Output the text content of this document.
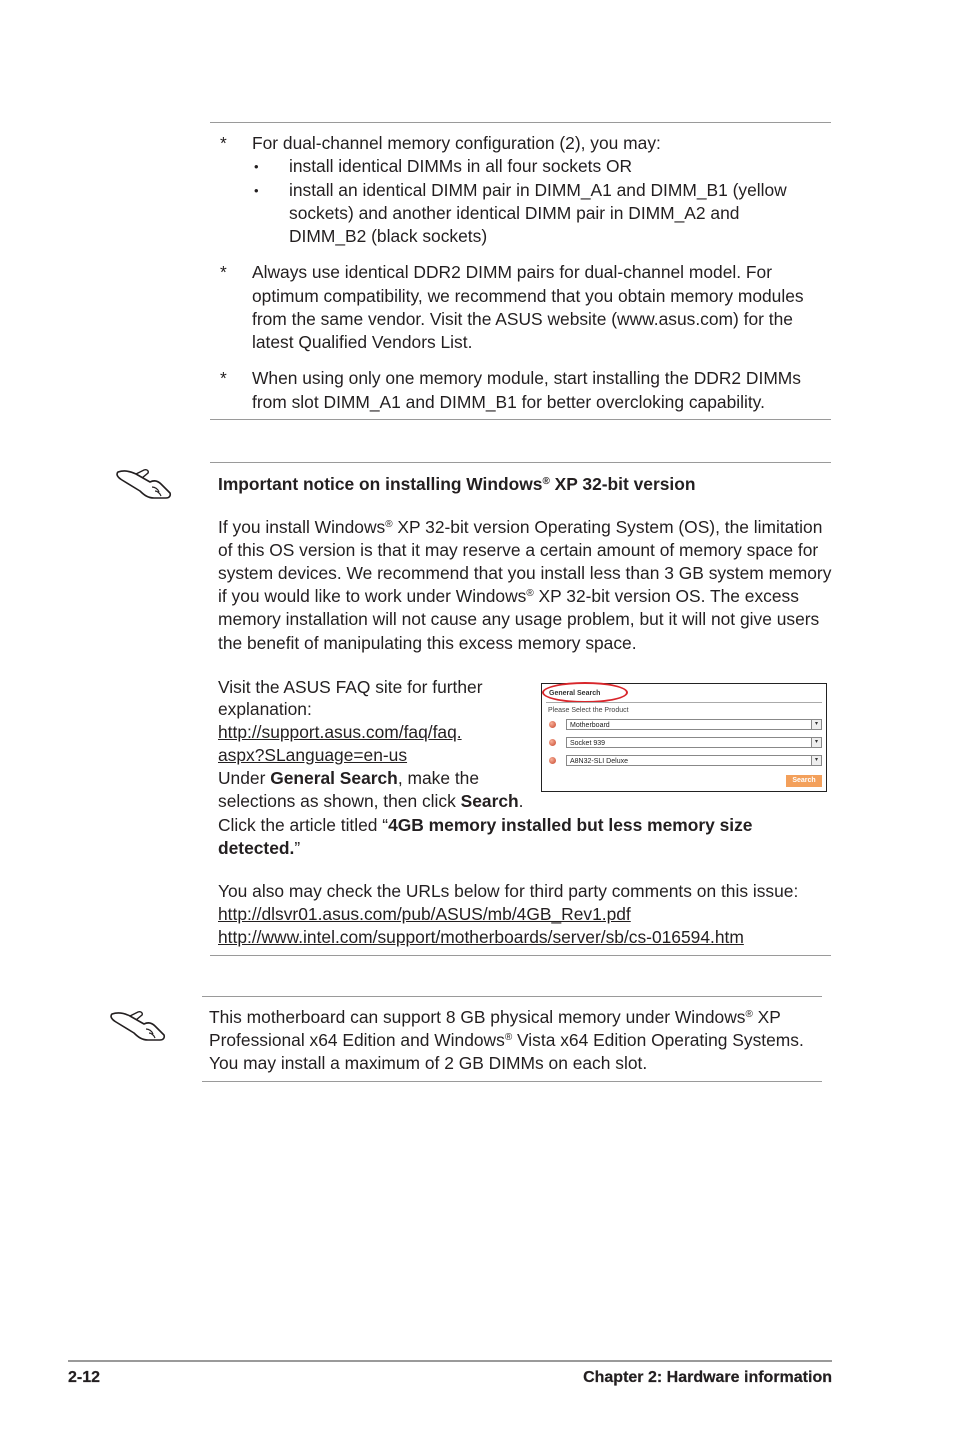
* For dual-channel memory configuration (2), you may:
• install identical DIMMs in all four sockets OR
• install an identical DIMM pair in DIMM_A1 and DIMM_B1 (yellow
sockets) and another identical DIMM pair in DIMM_A2 and
DIMM_B2 (black sockets)
* Always use identical DDR2 DIMM pairs for dual-channel model. For
optimum compatibility, we recommend that you obtain memory modules
from the same vendor. Visit the ASUS website (www.asus.com) for the
latest Qualified Vendors List.
* When using only one memory module, start installing the DDR2 DIMMs
from slot DIMM_A1 and DIMM_B1 for better overcloking capability.
Important notice on installing Windows® XP 32-bit version
If you install Windows® XP 32-bit version Operating System (OS), the limitation
of this OS version is that it may reserve a certain amount of memory space for
system devices. We recommend that you install less than 3 GB system memory
if you would like to work under Windows® XP 32-bit version OS. The excess
memory installation will not cause any usage problem, but it will not give users
the benefit of manipulating this excess memory space.
Visit the ASUS FAQ site for further
explanation:
http://support.asus.com/faq/faq.
aspx?SLanguage=en-us
Under General Search, make the
selections as shown, then click Search.
Click the article titled “4GB memory installed but less memory size
detected.”
General Search
Please Select the Product
Motherboard	▾
Socket 939	▾
A8N32-SLI Deluxe	▾
Search
You also may check the URLs below for third party comments on this issue:
http://dlsvr01.asus.com/pub/ASUS/mb/4GB_Rev1.pdf
http://www.intel.com/support/motherboards/server/sb/cs-016594.htm
This motherboard can support 8 GB physical memory under Windows® XP
Professional x64 Edition and Windows® Vista x64 Edition Operating Systems.
You may install a maximum of 2 GB DIMMs on each slot.
2-12	Chapter 2: Hardware information
